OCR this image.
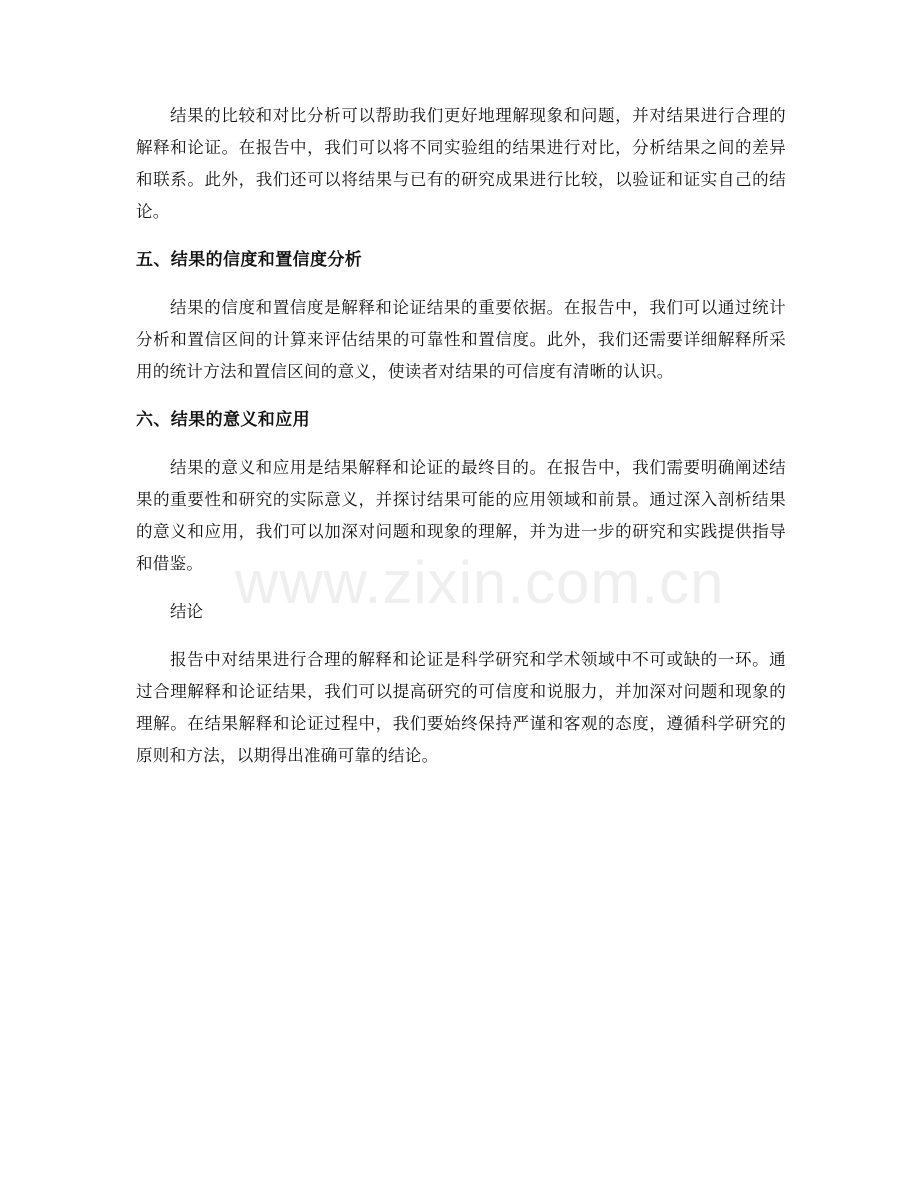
结果的比较和对比分析可以帮助我们更好地理解现象和问题，并对结果进行合理的解释和论证。在报告中，我们可以将不同实验组的结果进行对比，分析结果之间的差异和联系。此外，我们还可以将结果与已有的研究成果进行比较，以验证和证实自己的结论。

五、结果的信度和置信度分析

结果的信度和置信度是解释和论证结果的重要依据。在报告中，我们可以通过统计分析和置信区间的计算来评估结果的可靠性和置信度。此外，我们还需要详细解释所采用的统计方法和置信区间的意义，使读者对结果的可信度有清晰的认识。

六、结果的意义和应用

结果的意义和应用是结果解释和论证的最终目的。在报告中，我们需要明确阐述结果的重要性和研究的实际意义，并探讨结果可能的应用领域和前景。通过深入剖析结果的意义和应用，我们可以加深对问题和现象的理解，并为进一步的研究和实践提供指导和借鉴。

结论

报告中对结果进行合理的解释和论证是科学研究和学术领域中不可或缺的一环。通过合理解释和论证结果，我们可以提高研究的可信度和说服力，并加深对问题和现象的理解。在结果解释和论证过程中，我们要始终保持严谨和客观的态度，遵循科学研究的原则和方法，以期得出准确可靠的结论。

www.zixin.com.cn
